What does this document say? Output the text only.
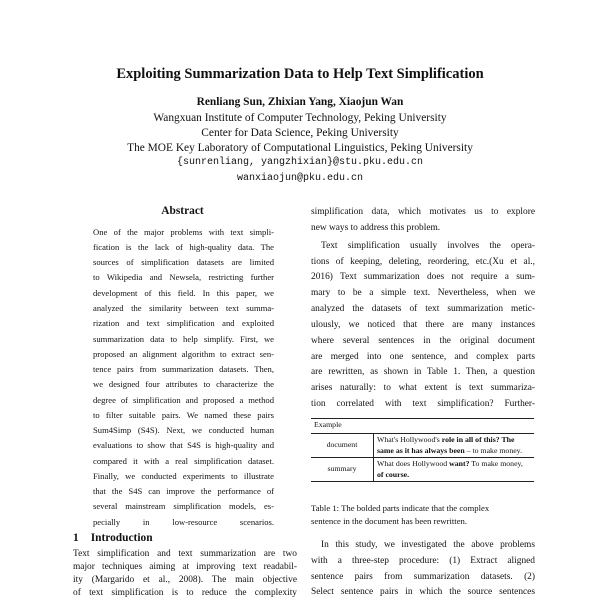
Exploiting Summarization Data to Help Text Simplification
Renliang Sun, Zhixian Yang, Xiaojun Wan
Wangxuan Institute of Computer Technology, Peking University
Center for Data Science, Peking University
The MOE Key Laboratory of Computational Linguistics, Peking University
{sunrenliang, yangzhixian}@stu.pku.edu.cn
wanxiaojun@pku.edu.cn
Abstract
One of the major problems with text simpli-
fication is the lack of high-quality data. The
sources of simplification datasets are limited
to Wikipedia and Newsela, restricting further
development of this field. In this paper, we
analyzed the similarity between text summa-
rization and text simplification and exploited
summarization data to help simplify. First, we
proposed an alignment algorithm to extract sen-
tence pairs from summarization datasets. Then,
we designed four attributes to characterize the
degree of simplification and proposed a method
to filter suitable pairs. We named these pairs
Sum4Simp (S4S). Next, we conducted human
evaluations to show that S4S is high-quality and
compared it with a real simplification dataset.
Finally, we conducted experiments to illustrate
that the S4S can improve the performance of
several mainstream simplification models, es-
pecially in low-resource scenarios.
1 Introduction
Text simplification and text summarization are two
major techniques aiming at improving text readabil-
ity (Margarido et al., 2008). The main objective
of text simplification is to reduce the complexity
simplification data, which motivates us to explore
new ways to address this problem.
Text simplification usually involves the opera-
tions of keeping, deleting, reordering, etc.(Xu et al.,
2016) Text summarization does not require a sum-
mary to be a simple text. Nevertheless, when we
analyzed the datasets of text summarization metic-
ulously, we noticed that there are many instances
where several sentences in the original document
are merged into one sentence, and complex parts
are rewritten, as shown in Table 1. Then, a question
arises naturally: to what extent is text summariza-
tion correlated with text simplification? Further-
Example	
document	What's Hollywood's role in all of this? The same as it has always been – to make money.
summary	What does Hollywood want? To make money, of course.
Table 1: The bolded parts indicate that the complex
sentence in the document has been rewritten.
In this study, we investigated the above problems
with a three-step procedure: (1) Extract aligned
sentence pairs from summarization datasets. (2)
Select sentence pairs in which the source sentences
